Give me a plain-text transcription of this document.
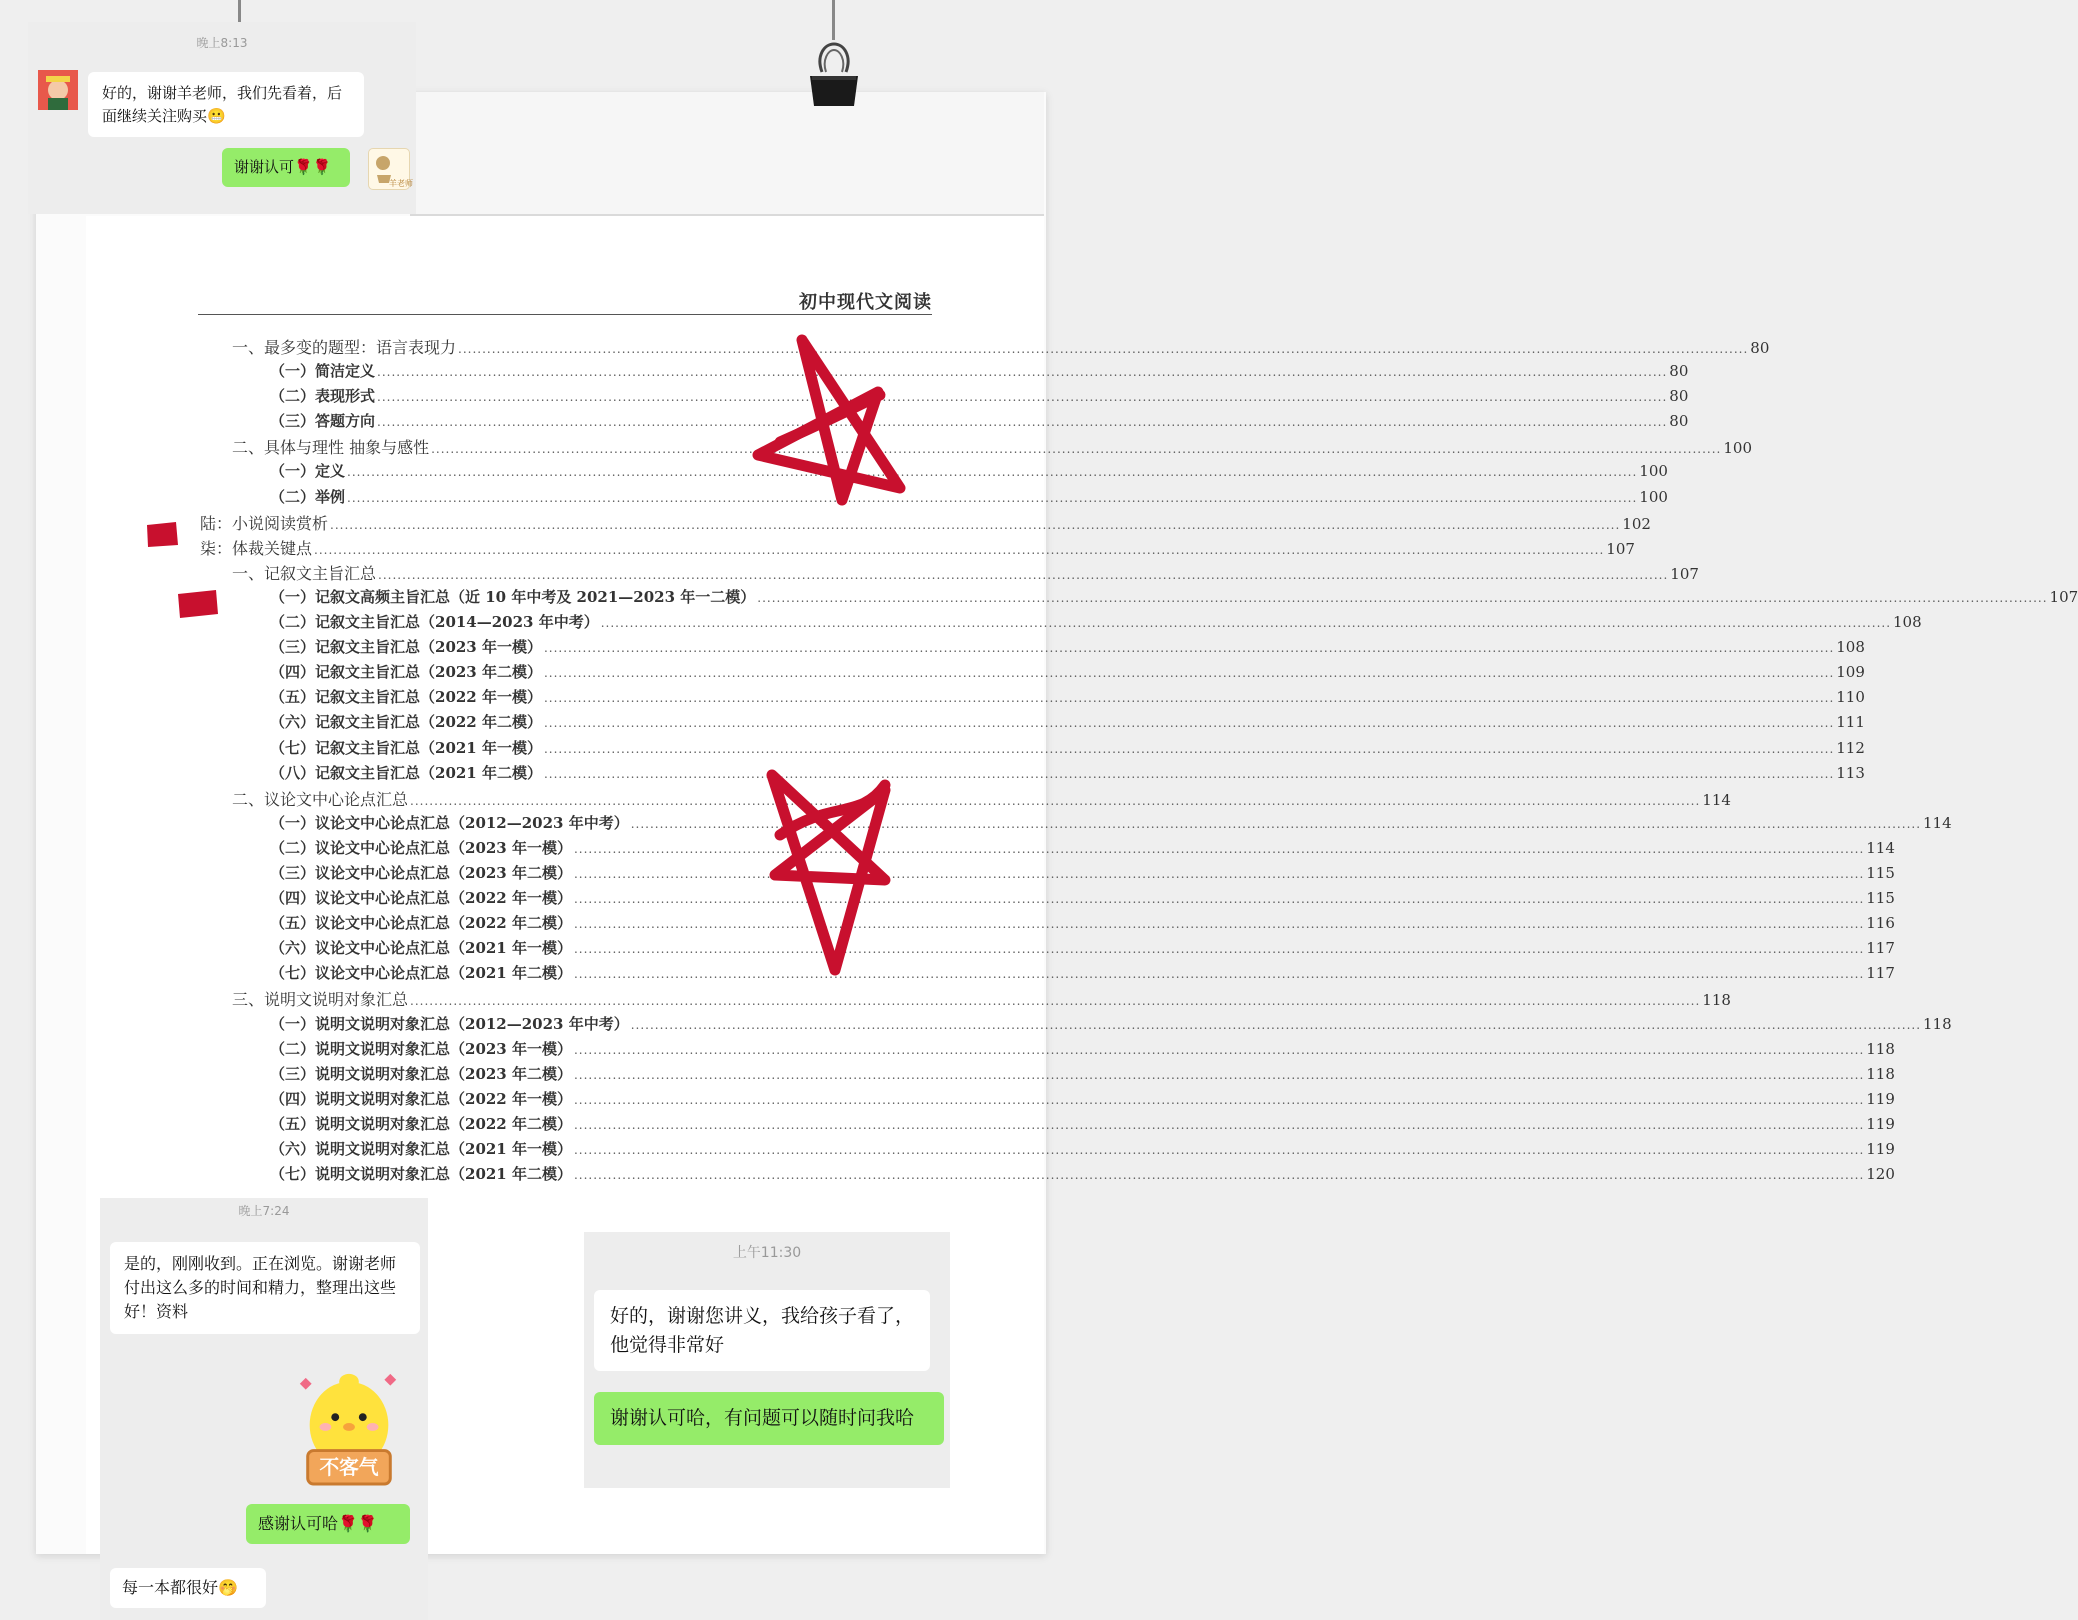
初中现代文阅读
一、最多变的题型：语言表现力 .....	80
（一）简洁定义 .....	80
（二）表现形式 .....	80
（三）答题方向 .....	80
二、具体与理性 抽象与感性 .....	100
（一）定义 .....	100
（二）举例 .....	100
陆：小说阅读赏析 .....	102
柒：体裁关键点 .....	107
一、记叙文主旨汇总 .....	107
（一）记叙文高频主旨汇总（近 10 年中考及 2021—2023 年一二模） .....	107
（二）记叙文主旨汇总（2014—2023 年中考） .....	108
（三）记叙文主旨汇总（2023 年一模） .....	108
（四）记叙文主旨汇总（2023 年二模） .....	109
（五）记叙文主旨汇总（2022 年一模） .....	110
（六）记叙文主旨汇总（2022 年二模） .....	111
（七）记叙文主旨汇总（2021 年一模） .....	112
（八）记叙文主旨汇总（2021 年二模） .....	113
二、议论文中心论点汇总 .....	114
（一）议论文中心论点汇总（2012—2023 年中考） .....	114
（二）议论文中心论点汇总（2023 年一模） .....	114
（三）议论文中心论点汇总（2023 年二模） .....	115
（四）议论文中心论点汇总（2022 年一模） .....	115
（五）议论文中心论点汇总（2022 年二模） .....	116
（六）议论文中心论点汇总（2021 年一模） .....	117
（七）议论文中心论点汇总（2021 年二模） .....	117
三、说明文说明对象汇总 .....	118
（一）说明文说明对象汇总（2012—2023 年中考） .....	118
（二）说明文说明对象汇总（2023 年一模） .....	118
（三）说明文说明对象汇总（2023 年二模） .....	118
（四）说明文说明对象汇总（2022 年一模） .....	119
（五）说明文说明对象汇总（2022 年二模） .....	119
（六）说明文说明对象汇总（2021 年一模） .....	119
（七）说明文说明对象汇总（2021 年二模） .....	120
晚上8:13
好的，谢谢羊老师，我们先看着，后面继续关注购买😬
谢谢认可🌹🌹
羊老师
晚上7:24
是的，刚刚收到。正在浏览。谢谢老师付出这么多的时间和精力，整理出这些好！资料
不客气
感谢认可哈🌹🌹
每一本都很好🤭
上午11:30
好的，谢谢您讲义，我给孩子看了，他觉得非常好
谢谢认可哈，有问题可以随时问我哈
